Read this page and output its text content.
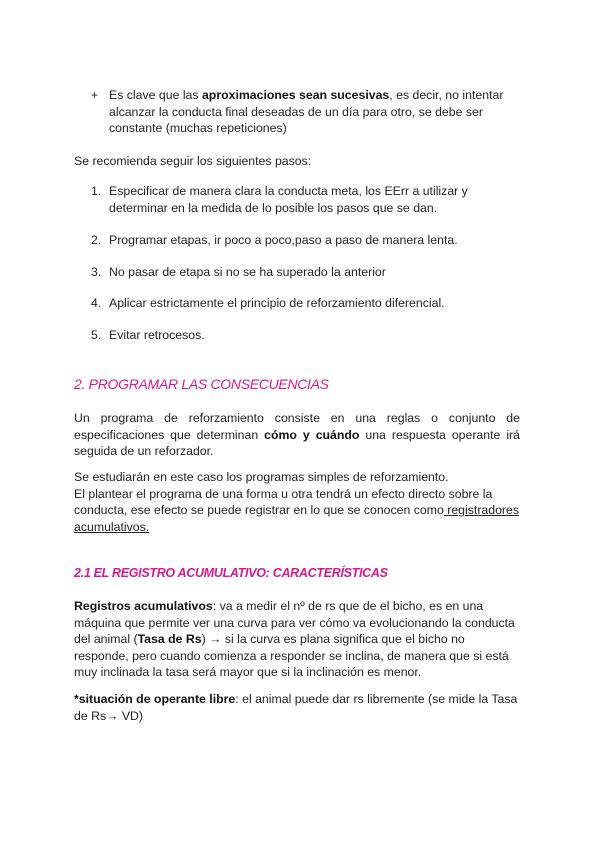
+ Es clave que las aproximaciones sean sucesivas, es decir, no intentar alcanzar la conducta final deseadas de un día para otro, se debe ser constante (muchas repeticiones)
Se recomienda seguir los siguientes pasos:
1. Especificar de manera clara la conducta meta, los EErr a utilizar y determinar en la medida de lo posible los pasos que se dan.
2. Programar etapas, ir poco a poco,paso a paso de manera lenta.
3. No pasar de etapa si no se ha superado la anterior
4. Aplicar estrictamente el principio de reforzamiento diferencial.
5. Evitar retrocesos.
2. PROGRAMAR LAS CONSECUENCIAS
Un programa de reforzamiento consiste en una reglas o conjunto de especificaciones que determinan cómo y cuándo una respuesta operante irá seguida de un reforzador.
Se estudiarán en este caso los programas simples de reforzamiento.
El plantear el programa de una forma u otra tendrá un efecto directo sobre la conducta, ese efecto se puede registrar en lo que se conocen como registradores acumulativos.
2.1 EL REGISTRO ACUMULATIVO: CARACTERÍSTICAS
Registros acumulativos: va a medir el nº de rs que de el bicho, es en una máquina que permite ver una curva para ver cómo va evolucionando la conducta del animal (Tasa de Rs) → si la curva es plana significa que el bicho no responde, pero cuando comienza a responder se inclina, de manera que si está muy inclinada la tasa será mayor que si la inclinación es menor.
*situación de operante libre: el animal puede dar rs libremente (se mide la Tasa de Rs→ VD)
